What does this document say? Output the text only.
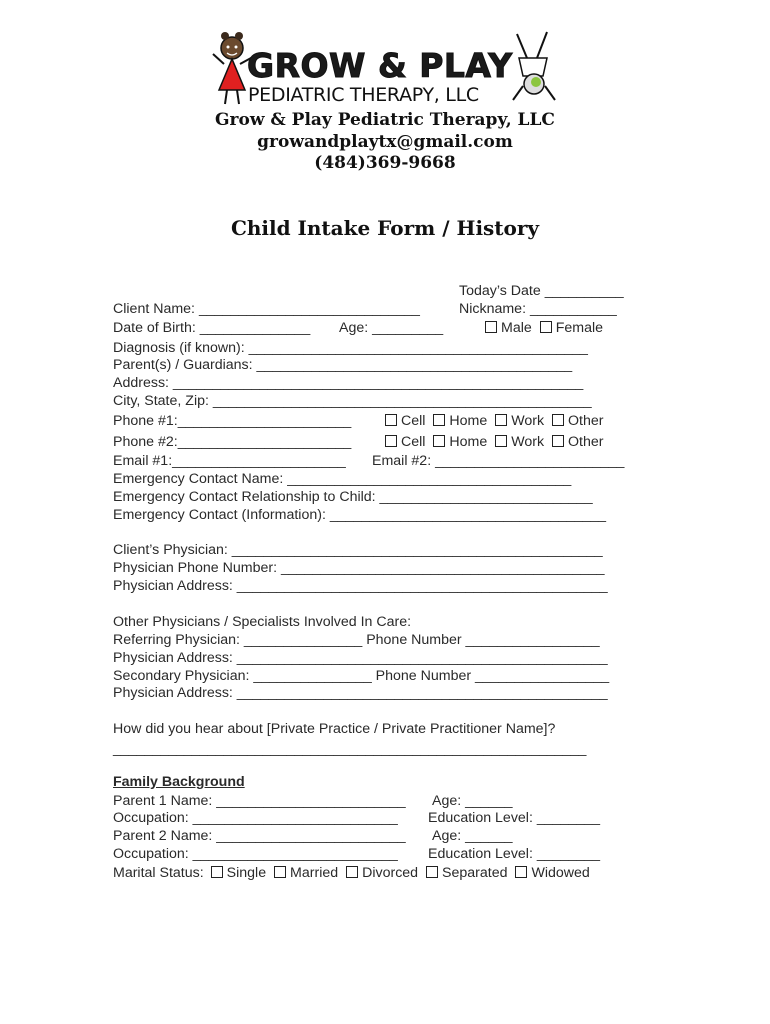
GROW & PLAY
PEDIATRIC THERAPY, LLC
Grow & Play Pediatric Therapy, LLC
growandplaytx@gmail.com
(484)369-9668
Child Intake Form / History
Today’s Date __________
Client Name: ____________________________	Nickname: ___________
Date of Birth: ______________ Age: _________	Male Female
Diagnosis (if known): ___________________________________________
Parent(s) / Guardians: ________________________________________
Address: ____________________________________________________
City, State, Zip: ________________________________________________
Phone #1:______________________	Cell Home Work Other
Phone #2:______________________	Cell Home Work Other
Email #1:______________________ Email #2: ________________________
Emergency Contact Name: ____________________________________
Emergency Contact Relationship to Child: ___________________________
Emergency Contact (Information): ___________________________________
Client’s Physician: _______________________________________________
Physician Phone Number: _________________________________________
Physician Address: _______________________________________________
Other Physicians / Specialists Involved In Care:
Referring Physician: _______________ Phone Number _________________
Physician Address: _______________________________________________
Secondary Physician: _______________ Phone Number _________________
Physician Address: _______________________________________________
How did you hear about [Private Practice / Private Practitioner Name]?
____________________________________________________________
Family Background
Parent 1 Name: ________________________ Age: ______
Occupation: __________________________ Education Level: ________
Parent 2 Name: ________________________ Age: ______
Occupation: __________________________ Education Level: ________
Marital Status: Single Married Divorced Separated Widowed
